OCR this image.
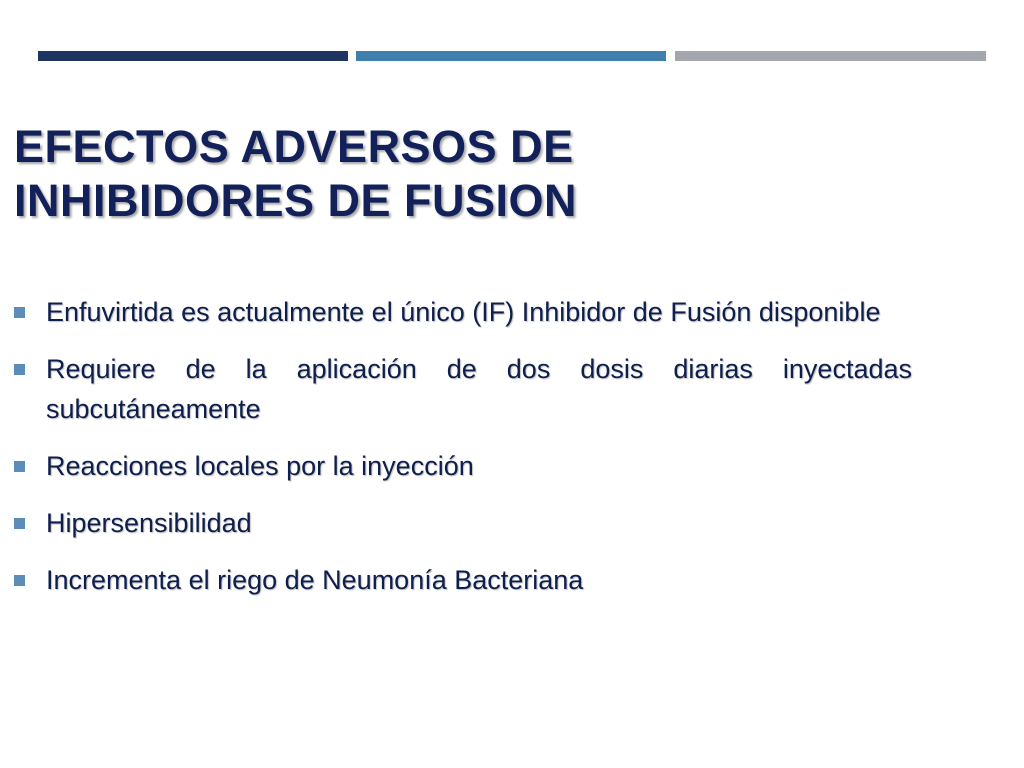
EFECTOS ADVERSOS DE
INHIBIDORES DE FUSION
Enfuvirtida es actualmente el único (IF) Inhibidor de Fusión disponible
Requiere de la aplicación de dos dosis diarias inyectadas subcutáneamente
Reacciones locales por la inyección
Hipersensibilidad
Incrementa el riego de Neumonía Bacteriana
